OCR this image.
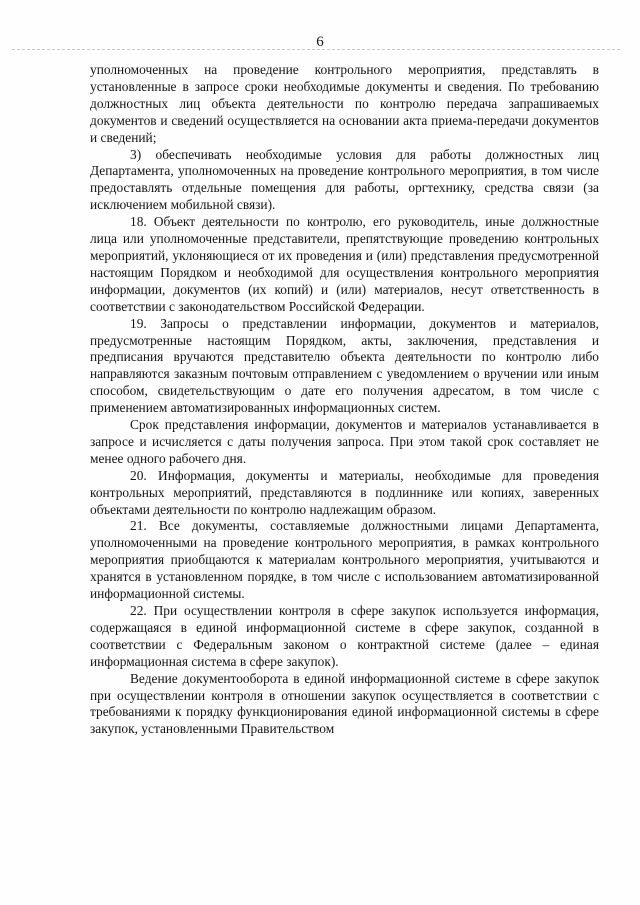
6

уполномоченных на проведение контрольного мероприятия, представлять в установленные в запросе сроки необходимые документы и сведения. По требованию должностных лиц объекта деятельности по контролю передача запрашиваемых документов и сведений осуществляется на основании акта приема-передачи документов и сведений;

3) обеспечивать необходимые условия для работы должностных лиц Департамента, уполномоченных на проведение контрольного мероприятия, в том числе предоставлять отдельные помещения для работы, оргтехнику, средства связи (за исключением мобильной связи).

18. Объект деятельности по контролю, его руководитель, иные должностные лица или уполномоченные представители, препятствующие проведению контрольных мероприятий, уклоняющиеся от их проведения и (или) представления предусмотренной настоящим Порядком и необходимой для осуществления контрольного мероприятия информации, документов (их копий) и (или) материалов, несут ответственность в соответствии с законодательством Российской Федерации.

19. Запросы о представлении информации, документов и материалов, предусмотренные настоящим Порядком, акты, заключения, представления и предписания вручаются представителю объекта деятельности по контролю либо направляются заказным почтовым отправлением с уведомлением о вручении или иным способом, свидетельствующим о дате его получения адресатом, в том числе с применением автоматизированных информационных систем.

Срок представления информации, документов и материалов устанавливается в запросе и исчисляется с даты получения запроса. При этом такой срок составляет не менее одного рабочего дня.

20. Информация, документы и материалы, необходимые для проведения контрольных мероприятий, представляются в подлиннике или копиях, заверенных объектами деятельности по контролю надлежащим образом.

21. Все документы, составляемые должностными лицами Департамента, уполномоченными на проведение контрольного мероприятия, в рамках контрольного мероприятия приобщаются к материалам контрольного мероприятия, учитываются и хранятся в установленном порядке, в том числе с использованием автоматизированной информационной системы.

22. При осуществлении контроля в сфере закупок используется информация, содержащаяся в единой информационной системе в сфере закупок, созданной в соответствии с Федеральным законом о контрактной системе (далее – единая информационная система в сфере закупок).

Ведение документооборота в единой информационной системе в сфере закупок при осуществлении контроля в отношении закупок осуществляется в соответствии с требованиями к порядку функционирования единой информационной системы в сфере закупок, установленными Правительством
